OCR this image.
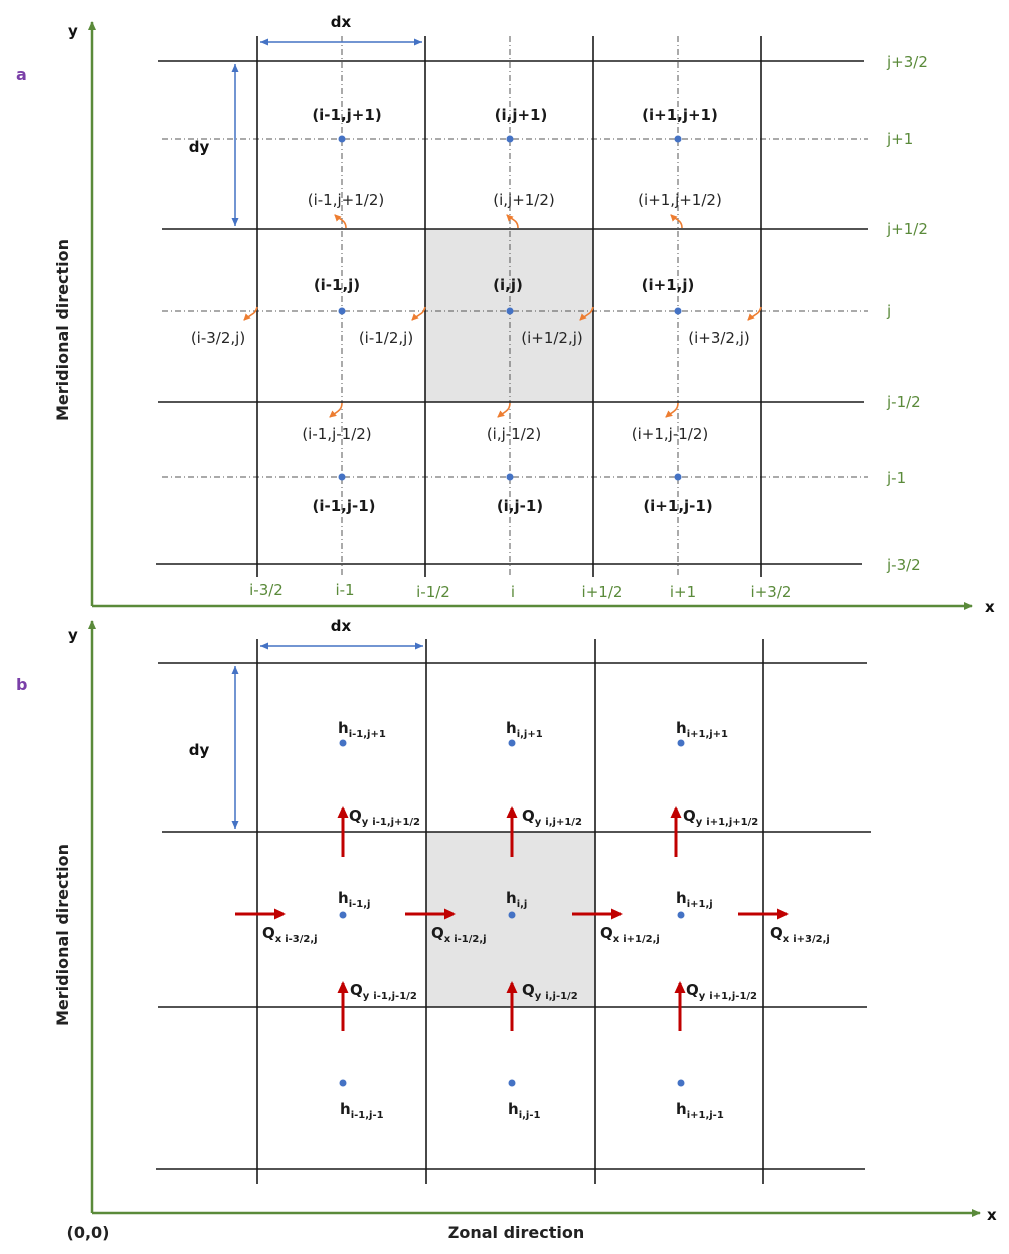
a
y
x
Meridional direction
dx
dy
j+3/2
j+1
j+1/2
j
j-1/2
j-1
j-3/2
i-3/2	i-1	i-1/2	i	i+1/2	i+1	i+3/2
(i-1,j+1)	(i,j+1)	(i+1,j+1)
(i-1,j)	(i,j)	(i+1,j)
(i-1,j-1)	(i,j-1)	(i+1,j-1)
(i-1,j+1/2)	(i,j+1/2)	(i+1,j+1/2)
(i-1,j-1/2)	(i,j-1/2)	(i+1,j-1/2)
(i-3/2,j)	(i-1/2,j)	(i+1/2,j)	(i+3/2,j)
b
y
x
Meridional direction
Zonal direction
(0,0)
dx
dy
$h_{i-1,j+1}$	$h_{i,j+1}$	$h_{i+1,j+1}$
$h_{i-1,j}$	$h_{i,j}$	$h_{i+1,j}$
$h_{i-1,j-1}$	$h_{i,j-1}$	$h_{i+1,j-1}$
$Q_y$ i-1,j+1/2	$Q_y$ i,j+1/2	$Q_y$ i+1,j+1/2
$Q_y$ i-1,j-1/2	$Q_y$ i,j-1/2	$Q_y$ i+1,j-1/2
$Q_x$ i-3/2,j	$Q_x$ i-1/2,j	$Q_x$ i+1/2,j	$Q_x$ i+3/2,j
